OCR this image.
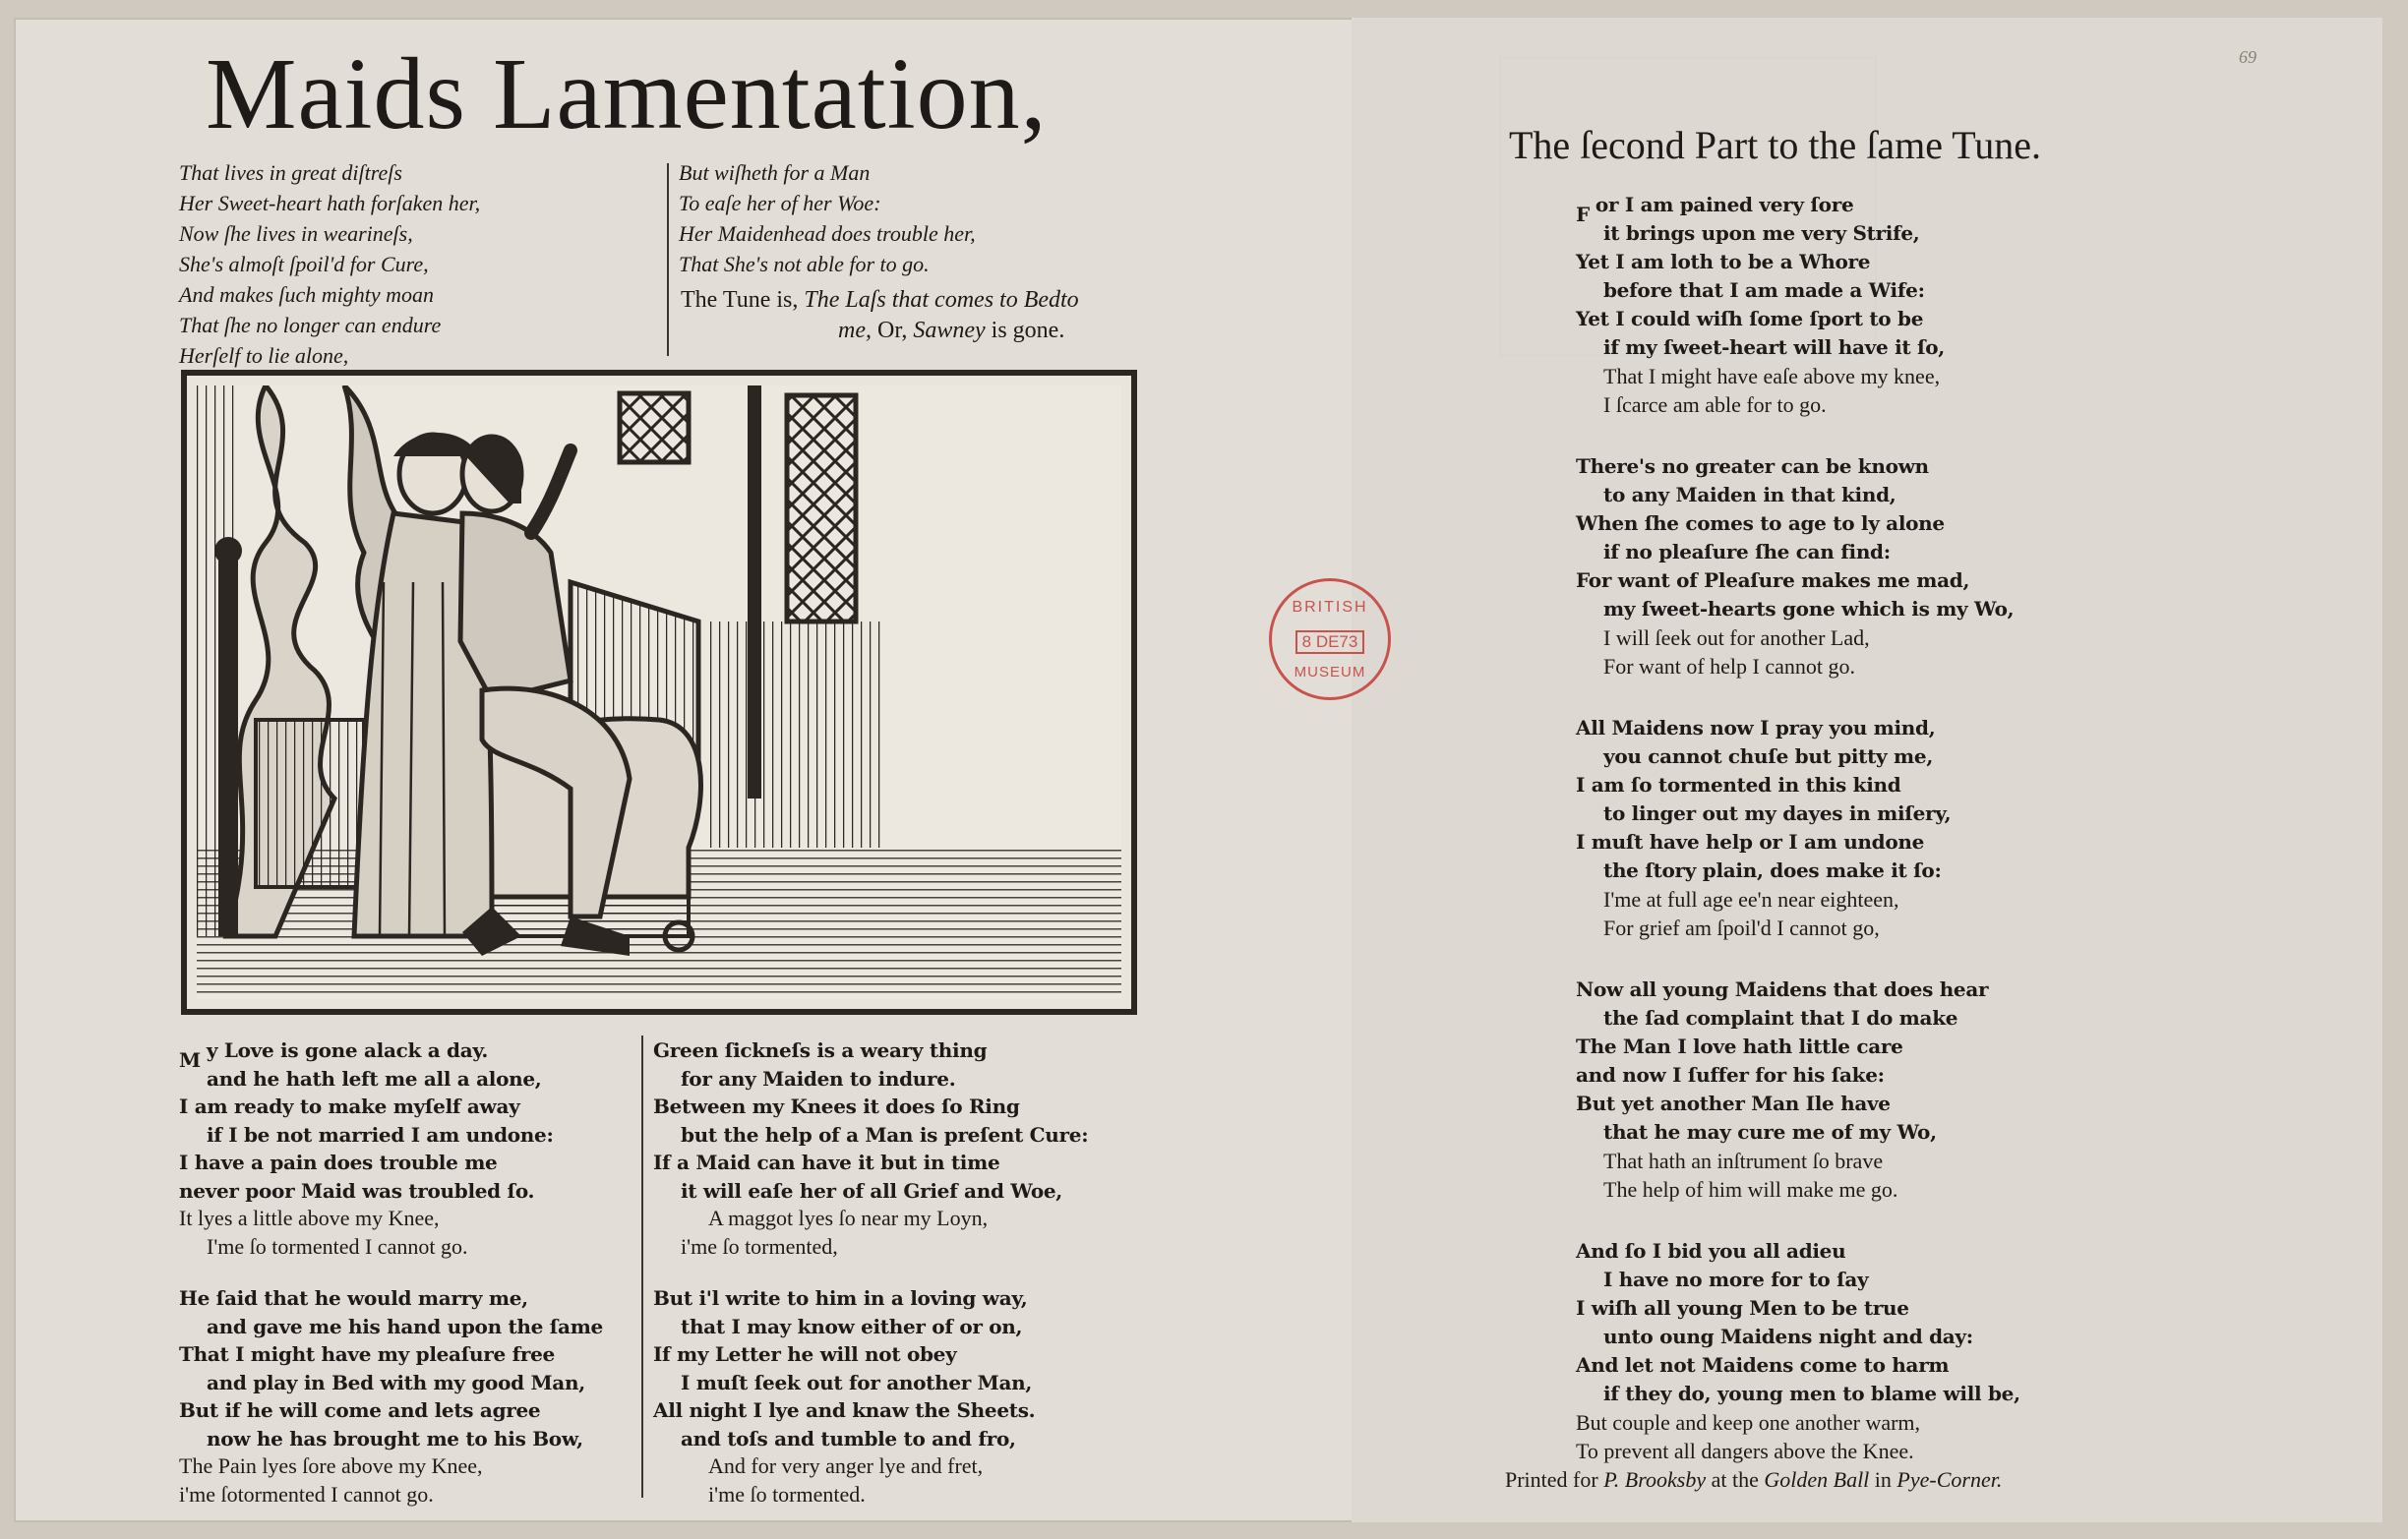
Maids Lamentation,
That lives in great diſtreſs
Her Sweet-heart hath forſaken her,
Now ſhe lives in wearineſs,
She's almoſt ſpoil'd for Cure,
And makes ſuch mighty moan
That ſhe no longer can endure
Herſelf to lie alone,
But wiſheth for a Man
To eaſe her of her Woe:
Her Maidenhead does trouble her,
That She's not able for to go.
The Tune is, The Laſs that comes to Bedto
me, Or, Sawney is gone.
M y Love is gone alack a day.
and he hath left me all a alone,
I am ready to make myſelf away
if I be not married I am undone:
I have a pain does trouble me
never poor Maid was troubled ſo.
It lyes a little above my Knee,
I'me ſo tormented I cannot go.
He ſaid that he would marry me,
and gave me his hand upon the ſame
That I might have my pleaſure free
and play in Bed with my good Man,
But if he will come and lets agree
now he has brought me to his Bow,
The Pain lyes ſore above my Knee,
i'me ſotormented I cannot go.
Green ſickneſs is a weary thing
for any Maiden to indure.
Between my Knees it does ſo Ring
but the help of a Man is preſent Cure:
If a Maid can have it but in time
it will eaſe her of all Grief and Woe,
A maggot lyes ſo near my Loyn,
i'me ſo tormented,
But i'l write to him in a loving way,
that I may know either of or on,
If my Letter he will not obey
I muſt ſeek out for another Man,
All night I lye and knaw the Sheets.
and toſs and tumble to and fro,
And for very anger lye and fret,
i'me ſo tormented.
The ſecond Part to the ſame Tune.
F or I am pained very ſore
it brings upon me very Strife,
Yet I am loth to be a Whore
before that I am made a Wife:
Yet I could wiſh ſome ſport to be
if my ſweet-heart will have it ſo,
That I might have eaſe above my knee,
I ſcarce am able for to go.
There's no greater can be known
to any Maiden in that kind,
When ſhe comes to age to ly alone
if no pleaſure ſhe can find:
For want of Pleaſure makes me mad,
my ſweet-hearts gone which is my Wo,
I will ſeek out for another Lad,
For want of help I cannot go.
All Maidens now I pray you mind,
you cannot chuſe but pitty me,
I am ſo tormented in this kind
to linger out my dayes in miſery,
I muſt have help or I am undone
the ſtory plain, does make it ſo:
I'me at full age ee'n near eighteen,
For grief am ſpoil'd I cannot go,
Now all young Maidens that does hear
the ſad complaint that I do make
The Man I love hath little care
and now I ſuffer for his ſake:
But yet another Man Ile have
that he may cure me of my Wo,
That hath an inſtrument ſo brave
The help of him will make me go.
And ſo I bid you all adieu
I have no more for to ſay
I wiſh all young Men to be true
unto oung Maidens night and day:
And let not Maidens come to harm
if they do, young men to blame will be,
But couple and keep one another warm,
To prevent all dangers above the Knee.
Printed for P. Brooksby at the Golden Ball in Pye-Corner.
BRITISH
8 DE73
MUSEUM
69
